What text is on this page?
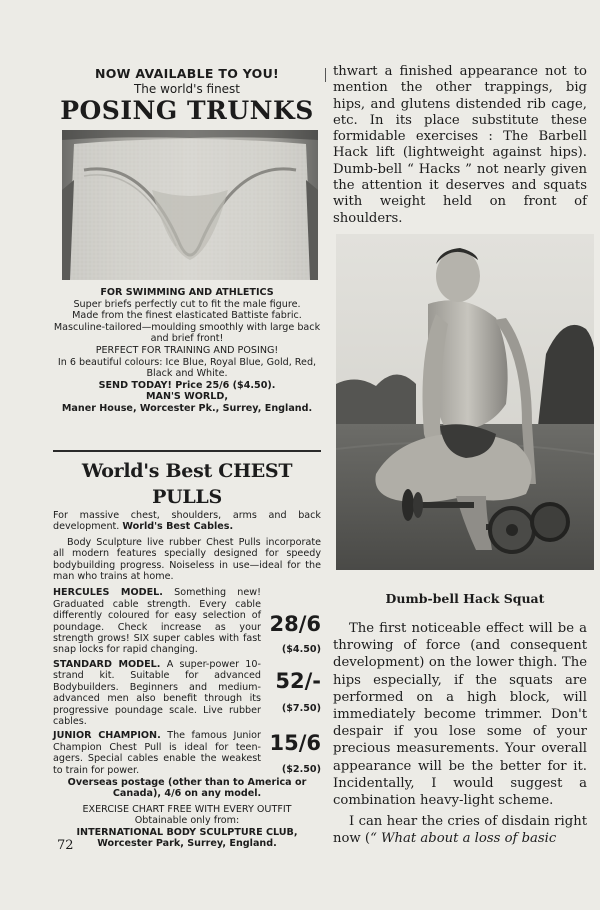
NOW AVAILABLE TO YOU!
The world's finest
POSING TRUNKS

FOR SWIMMING AND ATHLETICS

Super briefs perfectly cut to fit the male figure.

Made from the finest elasticated Battiste fabric.

Masculine-tailored—moulding smoothly with large back and brief front!

PERFECT FOR TRAINING AND POSING!

In 6 beautiful colours: Ice Blue, Royal Blue, Gold, Red, Black and White.

SEND TODAY! Price 25/6 ($4.50).

MAN'S WORLD,

Maner House, Worcester Pk., Surrey, England.

World's Best CHEST PULLS

For massive chest, shoulders, arms and back development. World's Best Cables.

Body Sculpture live rubber Chest Pulls incorporate all modern features specially designed for speedy bodybuilding progress. Noiseless in use—ideal for the man who trains at home.

HERCULES MODEL. Something new! Graduated cable strength. Every cable differently coloured for easy selection of poundage. Check increase as your strength grows! SIX super cables with fast snap locks for rapid changing.
28/6
($4.50)
STANDARD MODEL. A super-power 10-strand kit. Suitable for advanced Bodybuilders. Beginners and medium-advanced men also benefit through its progressive poundage scale. Live rubber cables.
52/-
($7.50)
JUNIOR CHAMPION. The famous Junior Champion Chest Pull is ideal for teen-agers. Special cables enable the weakest to train for power.
15/6
($2.50)

Overseas postage (other than to America or Canada), 4/6 on any model.

EXERCISE CHART FREE WITH EVERY OUTFIT

Obtainable only from:

INTERNATIONAL BODY SCULPTURE CLUB,

Worcester Park, Surrey, England.

72
thwart a finished appearance not to mention the other trappings, big hips, and glutens distended rib cage, etc. In its place substitute these formidable exercises : The Barbell Hack lift (lightweight against hips). Dumb-bell “ Hacks ” not nearly given the attention it deserves and squats with weight held on front of shoulders.
Dumb-bell Hack Squat

The first noticeable effect will be a throwing of force (and consequent development) on the lower thigh. The hips especially, if the squats are performed on a high block, will immediately become trimmer. Don't despair if you lose some of your precious measurements. Your overall appearance will be the better for it. Incidentally, I would suggest a combination heavy-light scheme.

I can hear the cries of disdain right now (“ What about a loss of basic
